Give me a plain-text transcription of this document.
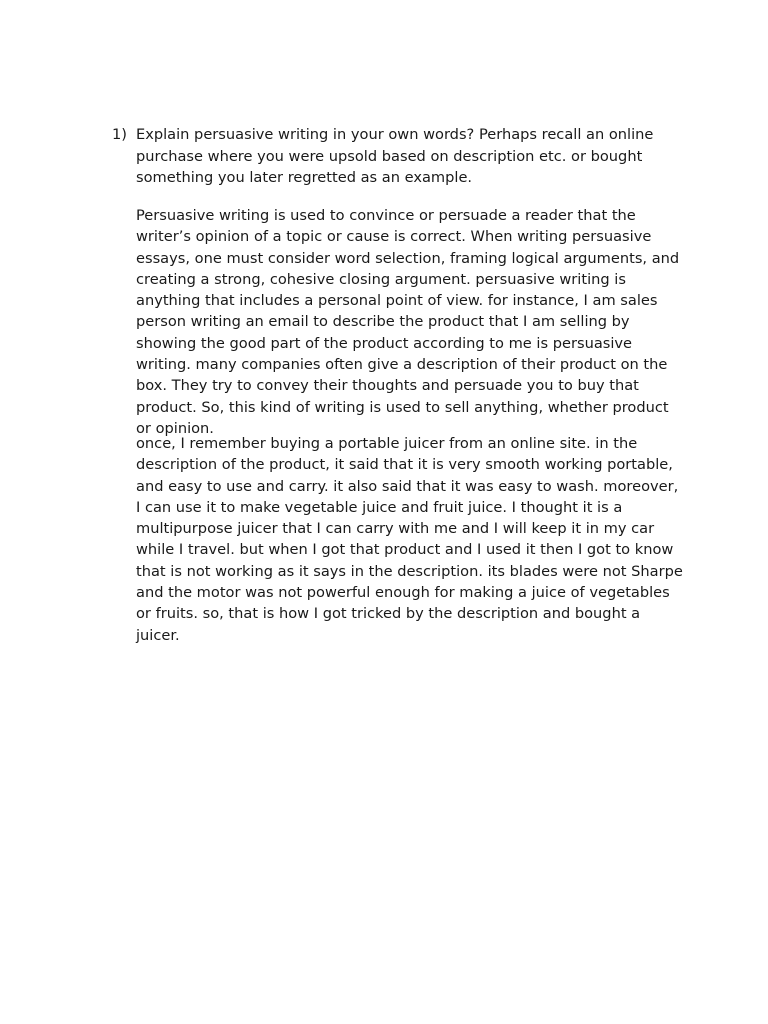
1) Explain persuasive writing in your own words? Perhaps recall an online purchase where you were upsold based on description etc. or bought something you later regretted as an example.

Persuasive writing is used to convince or persuade a reader that the writer’s opinion of a topic or cause is correct. When writing persuasive essays, one must consider word selection, framing logical arguments, and creating a strong, cohesive closing argument. persuasive writing is anything that includes a personal point of view. for instance, I am sales person writing an email to describe the product that I am selling by showing the good part of the product according to me is persuasive writing. many companies often give a description of their product on the box. They try to convey their thoughts and persuade you to buy that product. So, this kind of writing is used to sell anything, whether product or opinion.

once, I remember buying a portable juicer from an online site. in the description of the product, it said that it is very smooth working portable, and easy to use and carry. it also said that it was easy to wash. moreover, I can use it to make vegetable juice and fruit juice. I thought it is a multipurpose juicer that I can carry with me and I will keep it in my car while I travel. but when I got that product and I used it then I got to know that is not working as it says in the description. its blades were not Sharpe and the motor was not powerful enough for making a juice of vegetables or fruits. so, that is how I got tricked by the description and bought a juicer.
